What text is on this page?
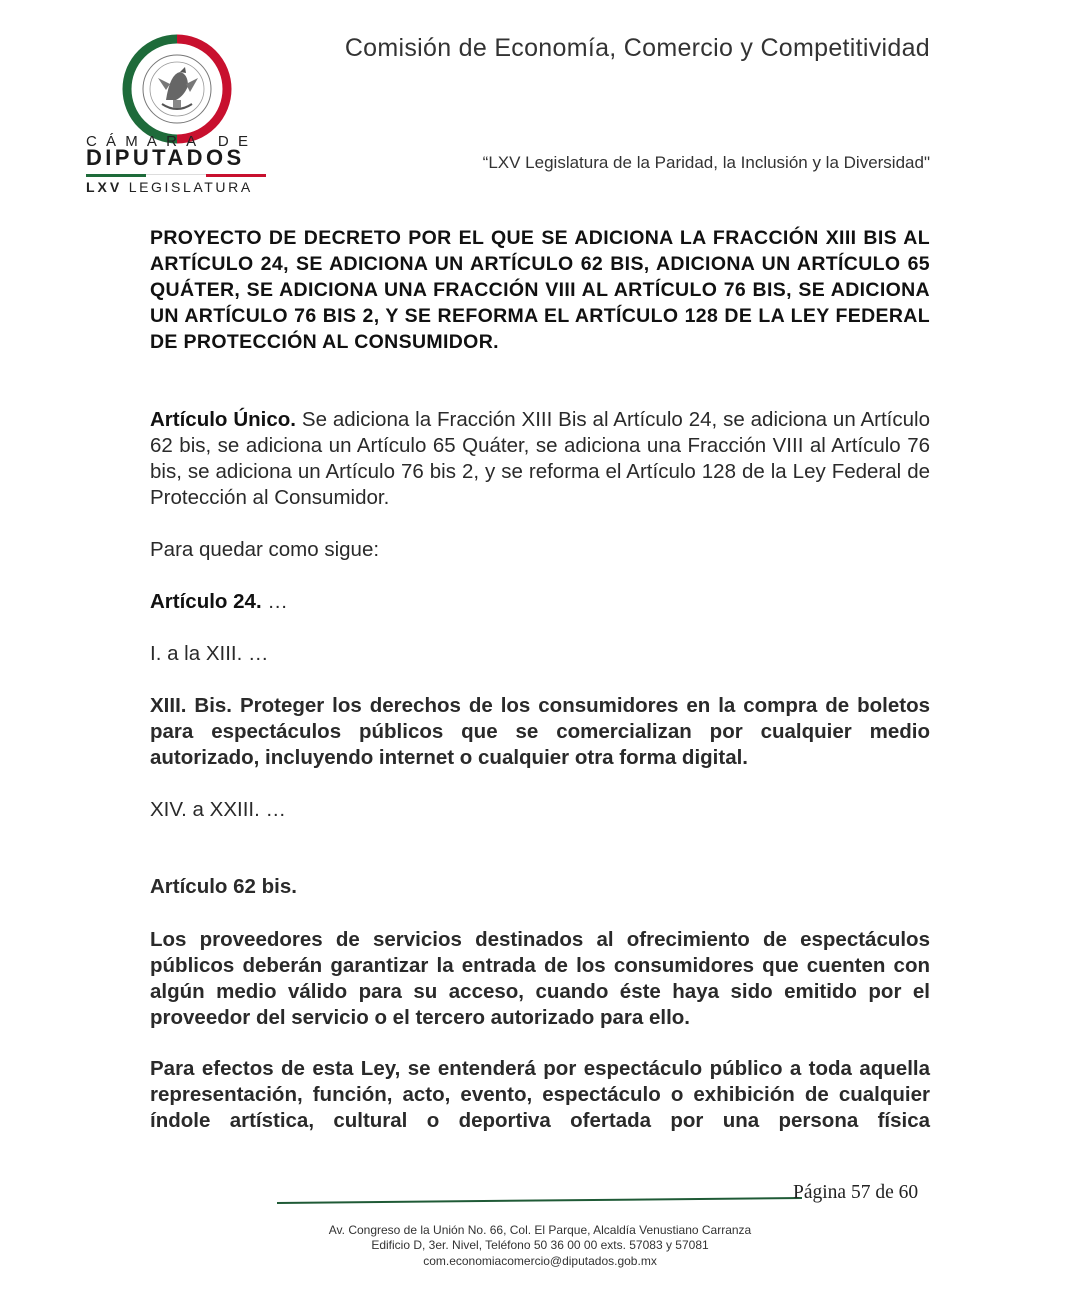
CÁMARA DE
DIPUTADOS
LXV LEGISLATURA
Comisión de Economía, Comercio y Competitividad
“LXV Legislatura de la Paridad, la Inclusión y la Diversidad"
PROYECTO DE DECRETO POR EL QUE SE ADICIONA LA FRACCIÓN XIII BIS AL ARTÍCULO 24, SE ADICIONA UN ARTÍCULO 62 BIS, ADICIONA UN ARTÍCULO 65 QUÁTER, SE ADICIONA UNA FRACCIÓN VIII AL ARTÍCULO 76 BIS, SE ADICIONA UN ARTÍCULO 76 BIS 2, Y SE REFORMA EL ARTÍCULO 128 DE LA LEY FEDERAL DE PROTECCIÓN AL CONSUMIDOR.

Artículo Único. Se adiciona la Fracción XIII Bis al Artículo 24, se adiciona un Artículo 62 bis, se adiciona un Artículo 65 Quáter, se adiciona una Fracción VIII al Artículo 76 bis, se adiciona un Artículo 76 bis 2, y se reforma el Artículo 128 de la Ley Federal de Protección al Consumidor.

Para quedar como sigue:

Artículo 24. …

I. a la XIII. …

XIII. Bis. Proteger los derechos de los consumidores en la compra de boletos para espectáculos públicos que se comercializan por cualquier medio autorizado, incluyendo internet o cualquier otra forma digital.

XIV. a XXIII. …

Artículo 62 bis.

Los proveedores de servicios destinados al ofrecimiento de espectáculos públicos deberán garantizar la entrada de los consumidores que cuenten con algún medio válido para su acceso, cuando éste haya sido emitido por el proveedor del servicio o el tercero autorizado para ello.

Para efectos de esta Ley, se entenderá por espectáculo público a toda aquella representación, función, acto, evento, espectáculo o exhibición de cualquier índole artística, cultural o deportiva ofertada por una persona física

Página 57 de 60
Av. Congreso de la Unión No. 66, Col. El Parque, Alcaldía Venustiano Carranza
Edificio D, 3er. Nivel, Teléfono 50 36 00 00 exts. 57083 y 57081
com.economiacomercio@diputados.gob.mx
